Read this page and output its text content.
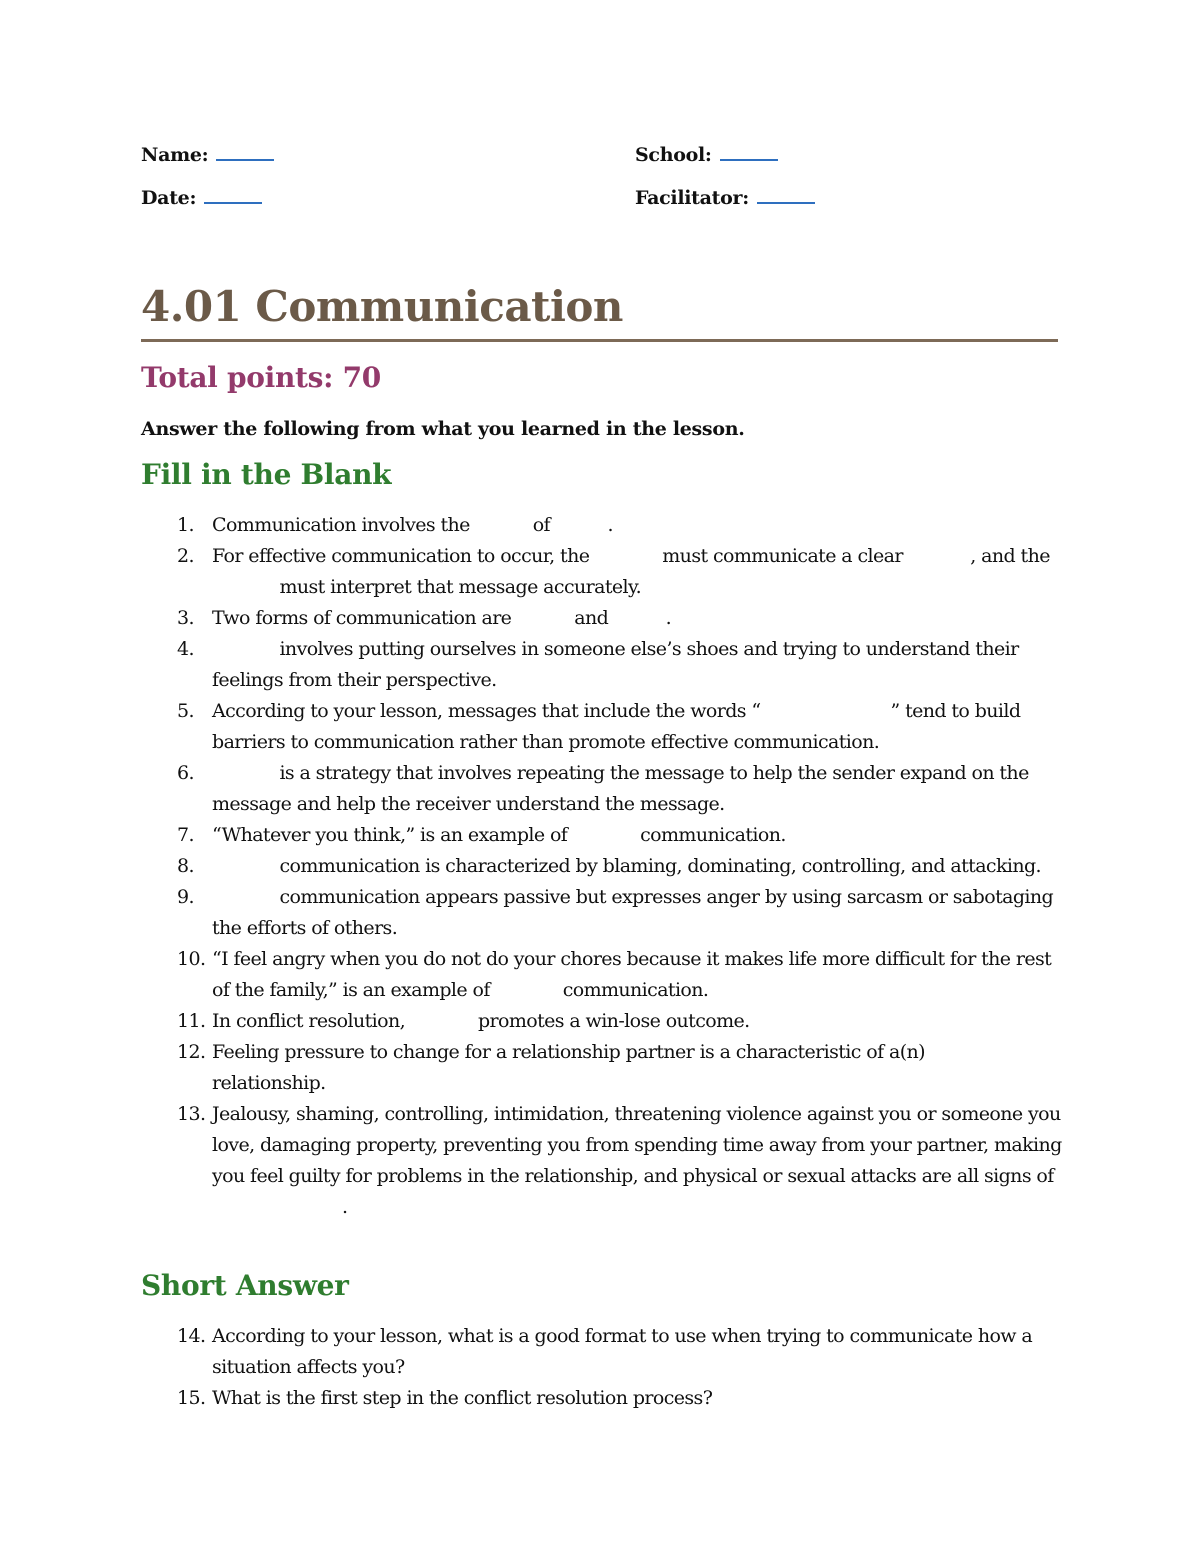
Name:
Date:
School:
Facilitator:
4.01 Communication
Total points: 70
Answer the following from what you learned in the lesson.
Fill in the Blank
1. Communication involves the	of	.
2. For effective communication to occur, the	must communicate a clear	, and the  must interpret that message accurately.
3. Two forms of communication are	and	.
4.	involves putting ourselves in someone else’s shoes and trying to understand their feelings from their perspective.
5. According to your lesson, messages that include the words “	” tend to build barriers to communication rather than promote effective communication.
6.	is a strategy that involves repeating the message to help the sender expand on the message and help the receiver understand the message.
7. “Whatever you think,” is an example of	communication.
8.	communication is characterized by blaming, dominating, controlling, and attacking.
9.	communication appears passive but expresses anger by using sarcasm or sabotaging the efforts of others.
10. “I feel angry when you do not do your chores because it makes life more difficult for the rest of the family,” is an example of	communication.
11. In conflict resolution,	promotes a win-lose outcome.
12. Feeling pressure to change for a relationship partner is a characteristic of a(n)  relationship.
13. Jealousy, shaming, controlling, intimidation, threatening violence against you or someone you love, damaging property, preventing you from spending time away from your partner, making you feel guilty for problems in the relationship, and physical or sexual attacks are all signs of .
Short Answer
14. According to your lesson, what is a good format to use when trying to communicate how a situation affects you?
15. What is the first step in the conflict resolution process?
